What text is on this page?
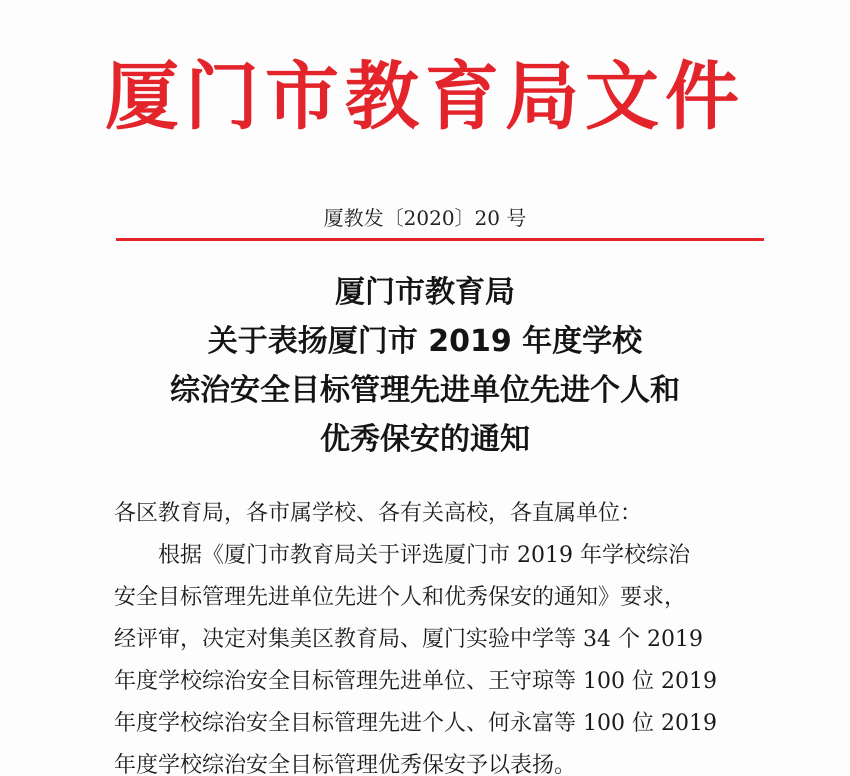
厦门市教育局文件
厦教发〔2020〕20 号
厦门市教育局
关于表扬厦门市 2019 年度学校
综治安全目标管理先进单位先进个人和
优秀保安的通知
各区教育局，各市属学校、各有关高校，各直属单位：
根据《厦门市教育局关于评选厦门市 2019 年学校综治
安全目标管理先进单位先进个人和优秀保安的通知》要求，
经评审，决定对集美区教育局、厦门实验中学等 34 个 2019
年度学校综治安全目标管理先进单位、王守琼等 100 位 2019
年度学校综治安全目标管理先进个人、何永富等 100 位 2019
年度学校综治安全目标管理优秀保安予以表扬。
